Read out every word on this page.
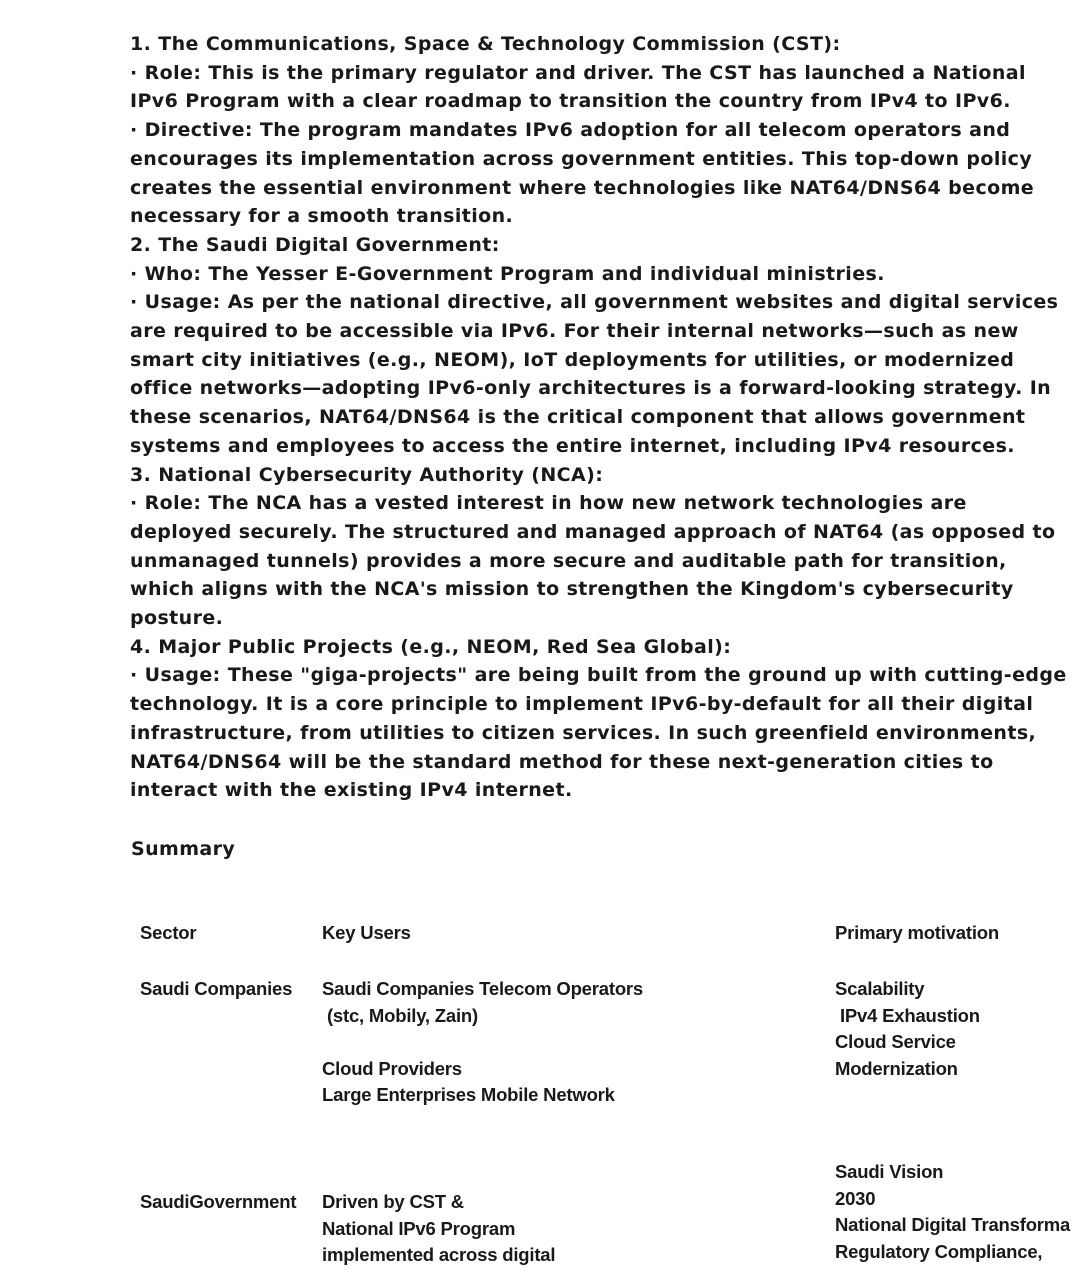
1. The Communications, Space & Technology Commission (CST):
· Role: This is the primary regulator and driver. The CST has launched a National
IPv6 Program with a clear roadmap to transition the country from IPv4 to IPv6.
· Directive: The program mandates IPv6 adoption for all telecom operators and
encourages its implementation across government entities. This top-down policy
creates the essential environment where technologies like NAT64/DNS64 become
necessary for a smooth transition.
2. The Saudi Digital Government:
· Who: The Yesser E-Government Program and individual ministries.
· Usage: As per the national directive, all government websites and digital services
are required to be accessible via IPv6. For their internal networks—such as new
smart city initiatives (e.g., NEOM), IoT deployments for utilities, or modernized
office networks—adopting IPv6-only architectures is a forward-looking strategy. In
these scenarios, NAT64/DNS64 is the critical component that allows government
systems and employees to access the entire internet, including IPv4 resources.
3. National Cybersecurity Authority (NCA):
· Role: The NCA has a vested interest in how new network technologies are
deployed securely. The structured and managed approach of NAT64 (as opposed to
unmanaged tunnels) provides a more secure and auditable path for transition,
which aligns with the NCA's mission to strengthen the Kingdom's cybersecurity
posture.
4. Major Public Projects (e.g., NEOM, Red Sea Global):
· Usage: These "giga-projects" are being built from the ground up with cutting-edge
technology. It is a core principle to implement IPv6-by-default for all their digital
infrastructure, from utilities to citizen services. In such greenfield environments,
NAT64/DNS64 will be the standard method for these next-generation cities to
interact with the existing IPv4 internet.
Summary
Sector	Key Users	Primary motivation
Saudi Companies Saudi Companies Telecom Operators
(stc, Mobily, Zain)
Cloud Providers
Large Enterprises Mobile Network
Scalability
IPv4 Exhaustion
Cloud Service
Modernization
SaudiGovernment Driven by CST &
National IPv6 Program
implemented across digital
Saudi Vision
2030
National Digital Transforma
Regulatory Compliance,
